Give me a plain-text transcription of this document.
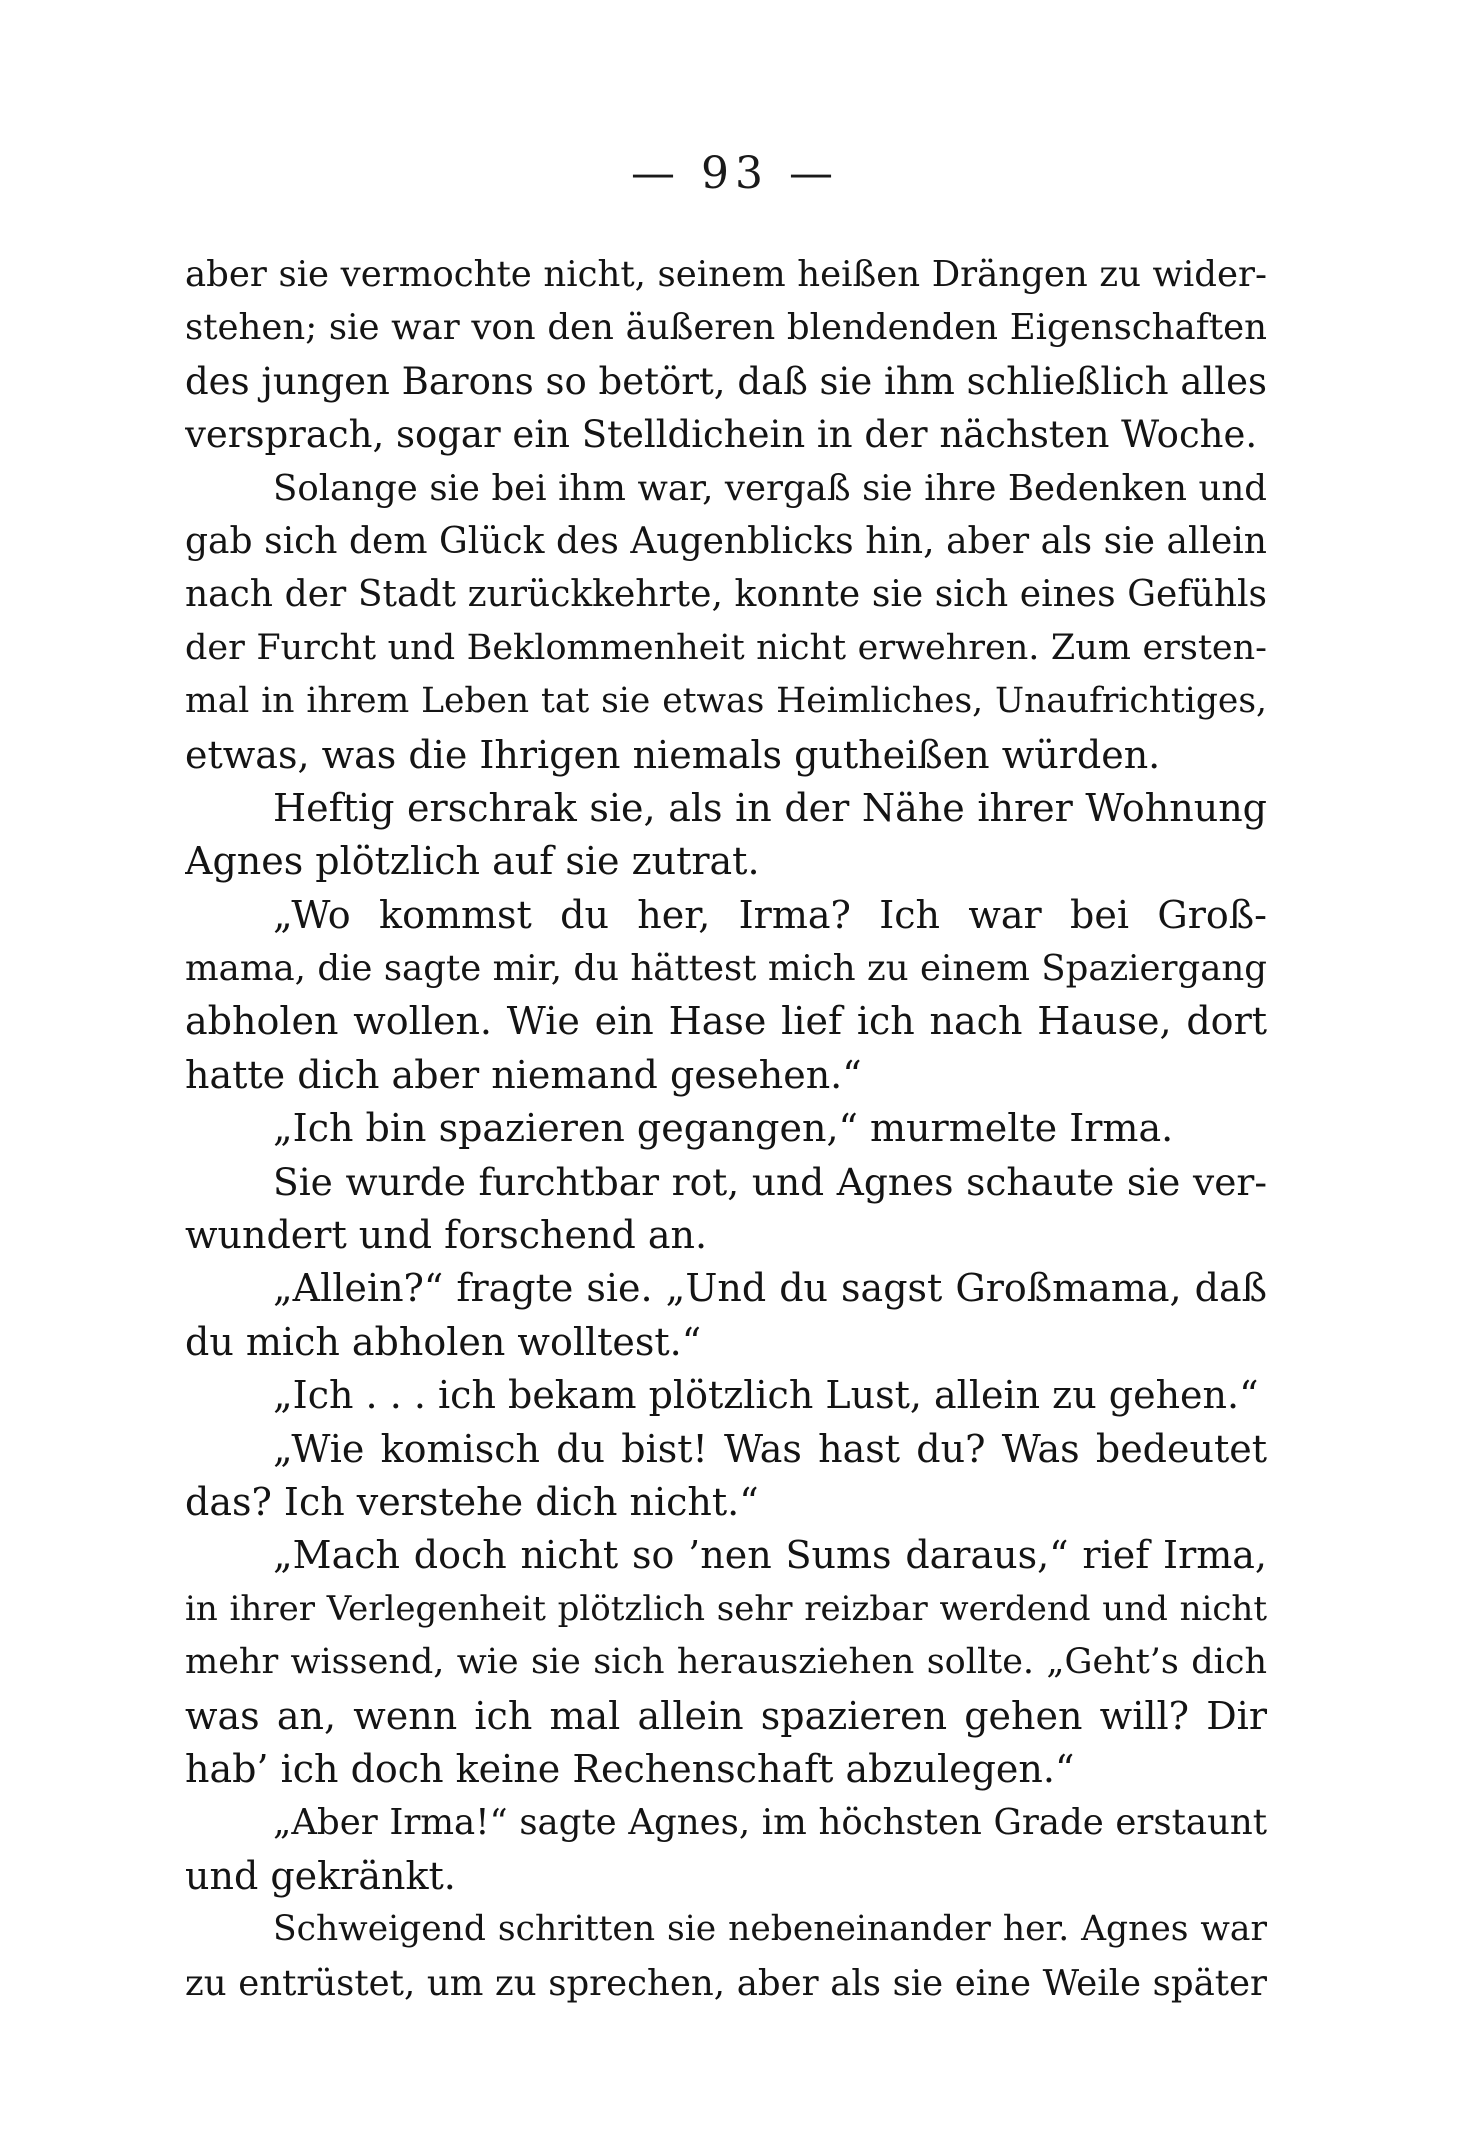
— 93 —
aber sie vermochte nicht, seinem heißen Drängen zu wider-
stehen; sie war von den äußeren blendenden Eigenschaften
des jungen Barons so betört, daß sie ihm schließlich alles
versprach, sogar ein Stelldichein in der nächsten Woche.
Solange sie bei ihm war, vergaß sie ihre Bedenken und
gab sich dem Glück des Augenblicks hin, aber als sie allein
nach der Stadt zurückkehrte, konnte sie sich eines Gefühls
der Furcht und Beklommenheit nicht erwehren. Zum ersten-
mal in ihrem Leben tat sie etwas Heimliches, Unaufrichtiges,
etwas, was die Ihrigen niemals gutheißen würden.
Heftig erschrak sie, als in der Nähe ihrer Wohnung
Agnes plötzlich auf sie zutrat.
„Wo kommst du her, Irma? Ich war bei Groß-
mama, die sagte mir, du hättest mich zu einem Spaziergang
abholen wollen. Wie ein Hase lief ich nach Hause, dort
hatte dich aber niemand gesehen.“
„Ich bin spazieren gegangen,“ murmelte Irma.
Sie wurde furchtbar rot, und Agnes schaute sie ver-
wundert und forschend an.
„Allein?“ fragte sie. „Und du sagst Großmama, daß
du mich abholen wolltest.“
„Ich . . . ich bekam plötzlich Lust, allein zu gehen.“
„Wie komisch du bist! Was hast du? Was bedeutet
das? Ich verstehe dich nicht.“
„Mach doch nicht so ’nen Sums daraus,“ rief Irma,
in ihrer Verlegenheit plötzlich sehr reizbar werdend und nicht
mehr wissend, wie sie sich herausziehen sollte. „Geht’s dich
was an, wenn ich mal allein spazieren gehen will? Dir
hab’ ich doch keine Rechenschaft abzulegen.“
„Aber Irma!“ sagte Agnes, im höchsten Grade erstaunt
und gekränkt.
Schweigend schritten sie nebeneinander her. Agnes war
zu entrüstet, um zu sprechen, aber als sie eine Weile später
